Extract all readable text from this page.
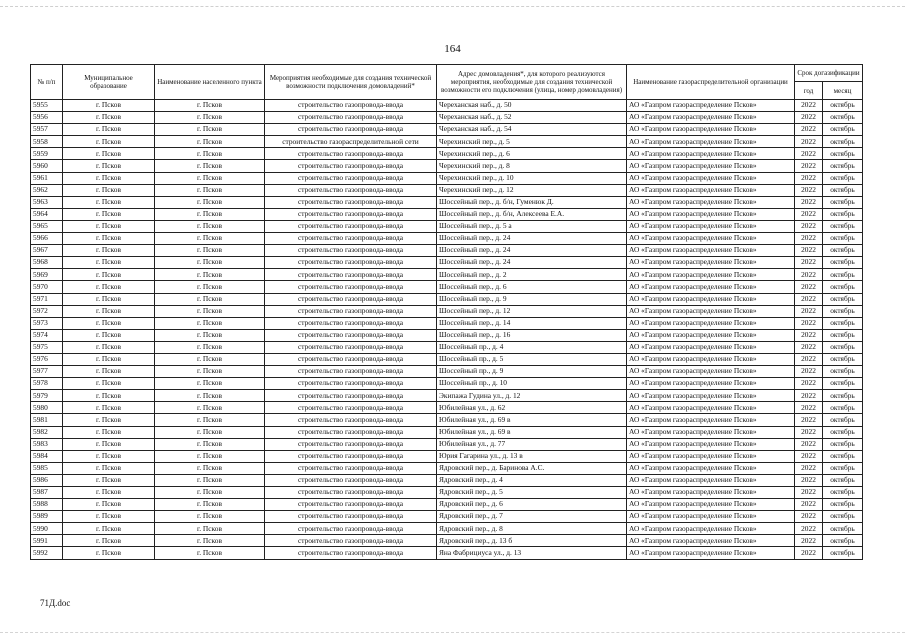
164
№ п/п	Муниципальное образование	Наименование населенного пункта	Мероприятия необходимые для создания технической возможности подключения домовладений*	Адрес домовладения*, для которого реализуются мероприятия, необходимые для создания технической возможности его подключения (улица, номер домовладения)	Наименование газораспределительной организации	Срок догазификации	
						год	месяц
5955	г. Псков	г. Псков	строительство газопровода-ввода	Череханская наб., д. 50	АО «Газпром газораспределение Псков»	2022	октябрь
5956	г. Псков	г. Псков	строительство газопровода-ввода	Череханская наб., д. 52	АО «Газпром газораспределение Псков»	2022	октябрь
5957	г. Псков	г. Псков	строительство газопровода-ввода	Череханская наб., д. 54	АО «Газпром газораспределение Псков»	2022	октябрь
5958	г. Псков	г. Псков	строительство газораспределительной сети	Черехинский пер., д. 5	АО «Газпром газораспределение Псков»	2022	октябрь
5959	г. Псков	г. Псков	строительство газопровода-ввода	Черехинский пер., д. 6	АО «Газпром газораспределение Псков»	2022	октябрь
5960	г. Псков	г. Псков	строительство газопровода-ввода	Черехинский пер., д. 8	АО «Газпром газораспределение Псков»	2022	октябрь
5961	г. Псков	г. Псков	строительство газопровода-ввода	Черехинский пер., д. 10	АО «Газпром газораспределение Псков»	2022	октябрь
5962	г. Псков	г. Псков	строительство газопровода-ввода	Черехинский пер., д. 12	АО «Газпром газораспределение Псков»	2022	октябрь
5963	г. Псков	г. Псков	строительство газопровода-ввода	Шоссейный пер., д. б/н, Гуменюк Д.	АО «Газпром газораспределение Псков»	2022	октябрь
5964	г. Псков	г. Псков	строительство газопровода-ввода	Шоссейный пер., д. б/н, Алексеева Е.А.	АО «Газпром газораспределение Псков»	2022	октябрь
5965	г. Псков	г. Псков	строительство газопровода-ввода	Шоссейный пер., д. 5 а	АО «Газпром газораспределение Псков»	2022	октябрь
5966	г. Псков	г. Псков	строительство газопровода-ввода	Шоссейный пер., д. 24	АО «Газпром газораспределение Псков»	2022	октябрь
5967	г. Псков	г. Псков	строительство газопровода-ввода	Шоссейный пер., д. 24	АО «Газпром газораспределение Псков»	2022	октябрь
5968	г. Псков	г. Псков	строительство газопровода-ввода	Шоссейный пер., д. 24	АО «Газпром газораспределение Псков»	2022	октябрь
5969	г. Псков	г. Псков	строительство газопровода-ввода	Шоссейный пер., д. 2	АО «Газпром газораспределение Псков»	2022	октябрь
5970	г. Псков	г. Псков	строительство газопровода-ввода	Шоссейный пер., д. 6	АО «Газпром газораспределение Псков»	2022	октябрь
5971	г. Псков	г. Псков	строительство газопровода-ввода	Шоссейный пер., д. 9	АО «Газпром газораспределение Псков»	2022	октябрь
5972	г. Псков	г. Псков	строительство газопровода-ввода	Шоссейный пер., д. 12	АО «Газпром газораспределение Псков»	2022	октябрь
5973	г. Псков	г. Псков	строительство газопровода-ввода	Шоссейный пер., д. 14	АО «Газпром газораспределение Псков»	2022	октябрь
5974	г. Псков	г. Псков	строительство газопровода-ввода	Шоссейный пер., д. 16	АО «Газпром газораспределение Псков»	2022	октябрь
5975	г. Псков	г. Псков	строительство газопровода-ввода	Шоссейный пр., д. 4	АО «Газпром газораспределение Псков»	2022	октябрь
5976	г. Псков	г. Псков	строительство газопровода-ввода	Шоссейный пр., д. 5	АО «Газпром газораспределение Псков»	2022	октябрь
5977	г. Псков	г. Псков	строительство газопровода-ввода	Шоссейный пр., д. 9	АО «Газпром газораспределение Псков»	2022	октябрь
5978	г. Псков	г. Псков	строительство газопровода-ввода	Шоссейный пр., д. 10	АО «Газпром газораспределение Псков»	2022	октябрь
5979	г. Псков	г. Псков	строительство газопровода-ввода	Экипажа Гудина ул., д. 12	АО «Газпром газораспределение Псков»	2022	октябрь
5980	г. Псков	г. Псков	строительство газопровода-ввода	Юбилейная ул., д. 62	АО «Газпром газораспределение Псков»	2022	октябрь
5981	г. Псков	г. Псков	строительство газопровода-ввода	Юбилейная ул., д. 69 в	АО «Газпром газораспределение Псков»	2022	октябрь
5982	г. Псков	г. Псков	строительство газопровода-ввода	Юбилейная ул., д. 69 в	АО «Газпром газораспределение Псков»	2022	октябрь
5983	г. Псков	г. Псков	строительство газопровода-ввода	Юбилейная ул., д. 77	АО «Газпром газораспределение Псков»	2022	октябрь
5984	г. Псков	г. Псков	строительство газопровода-ввода	Юрия Гагарина ул., д. 13 в	АО «Газпром газораспределение Псков»	2022	октябрь
5985	г. Псков	г. Псков	строительство газопровода-ввода	Ядровский пер., д. Баринова А.С.	АО «Газпром газораспределение Псков»	2022	октябрь
5986	г. Псков	г. Псков	строительство газопровода-ввода	Ядровский пер., д. 4	АО «Газпром газораспределение Псков»	2022	октябрь
5987	г. Псков	г. Псков	строительство газопровода-ввода	Ядровский пер., д. 5	АО «Газпром газораспределение Псков»	2022	октябрь
5988	г. Псков	г. Псков	строительство газопровода-ввода	Ядровский пер., д. 6	АО «Газпром газораспределение Псков»	2022	октябрь
5989	г. Псков	г. Псков	строительство газопровода-ввода	Ядровский пер., д. 7	АО «Газпром газораспределение Псков»	2022	октябрь
5990	г. Псков	г. Псков	строительство газопровода-ввода	Ядровский пер., д. 8	АО «Газпром газораспределение Псков»	2022	октябрь
5991	г. Псков	г. Псков	строительство газопровода-ввода	Ядровский пер., д. 13 б	АО «Газпром газораспределение Псков»	2022	октябрь
5992	г. Псков	г. Псков	строительство газопровода-ввода	Яна Фабрициуса ул., д. 13	АО «Газпром газораспределение Псков»	2022	октябрь
71Д.doc
